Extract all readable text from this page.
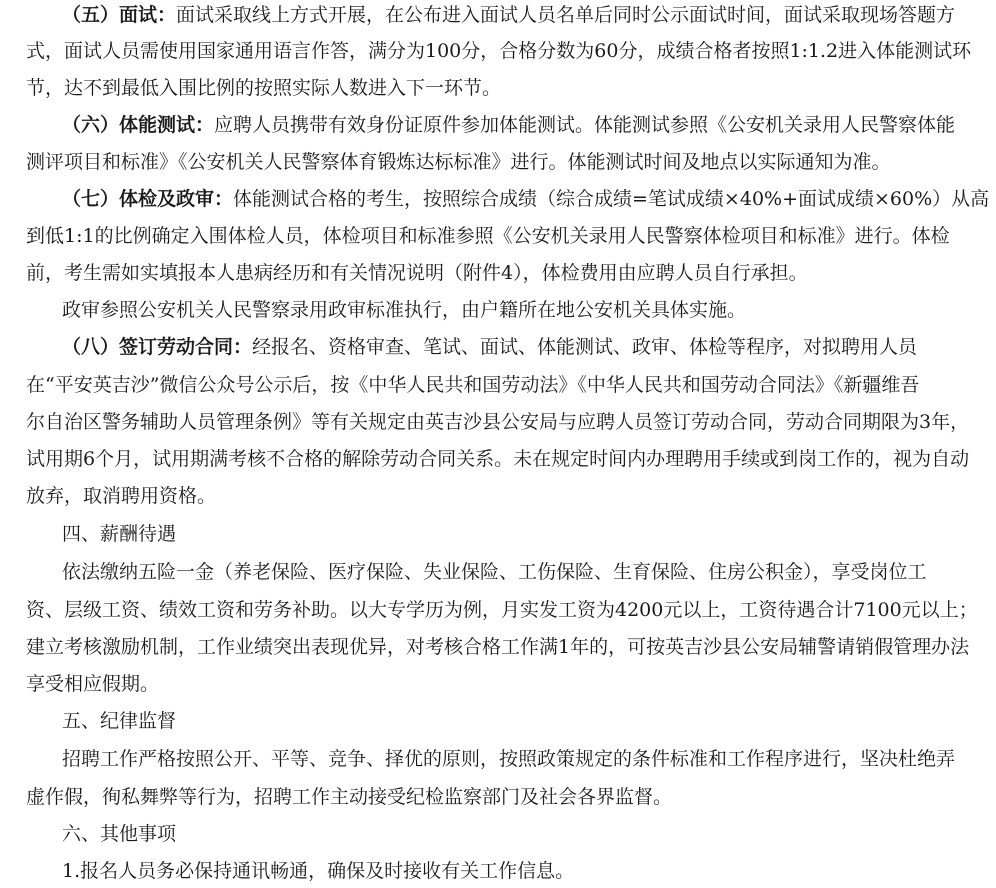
（五）面试：面试采取线上方式开展，在公布进入面试人员名单后同时公示面试时间，面试采取现场答题方
式，面试人员需使用国家通用语言作答，满分为100分，合格分数为60分，成绩合格者按照1:1.2进入体能测试环
节，达不到最低入围比例的按照实际人数进入下一环节。
（六）体能测试：应聘人员携带有效身份证原件参加体能测试。体能测试参照《公安机关录用人民警察体能
测评项目和标准》《公安机关人民警察体育锻炼达标标准》进行。体能测试时间及地点以实际通知为准。
（七）体检及政审：体能测试合格的考生，按照综合成绩（综合成绩=笔试成绩×40%+面试成绩×60%）从高
到低1:1的比例确定入围体检人员，体检项目和标准参照《公安机关录用人民警察体检项目和标准》进行。体检
前，考生需如实填报本人患病经历和有关情况说明（附件4），体检费用由应聘人员自行承担。
政审参照公安机关人民警察录用政审标准执行，由户籍所在地公安机关具体实施。
（八）签订劳动合同：经报名、资格审查、笔试、面试、体能测试、政审、体检等程序，对拟聘用人员
在“平安英吉沙”微信公众号公示后，按《中华人民共和国劳动法》《中华人民共和国劳动合同法》《新疆维吾
尔自治区警务辅助人员管理条例》等有关规定由英吉沙县公安局与应聘人员签订劳动合同，劳动合同期限为3年，
试用期6个月，试用期满考核不合格的解除劳动合同关系。未在规定时间内办理聘用手续或到岗工作的，视为自动
放弃，取消聘用资格。
四、薪酬待遇
依法缴纳五险一金（养老保险、医疗保险、失业保险、工伤保险、生育保险、住房公积金），享受岗位工
资、层级工资、绩效工资和劳务补助。以大专学历为例，月实发工资为4200元以上，工资待遇合计7100元以上；
建立考核激励机制，工作业绩突出表现优异，对考核合格工作满1年的，可按英吉沙县公安局辅警请销假管理办法
享受相应假期。
五、纪律监督
招聘工作严格按照公开、平等、竞争、择优的原则，按照政策规定的条件标准和工作程序进行，坚决杜绝弄
虚作假，徇私舞弊等行为，招聘工作主动接受纪检监察部门及社会各界监督。
六、其他事项
1.报名人员务必保持通讯畅通，确保及时接收有关工作信息。
